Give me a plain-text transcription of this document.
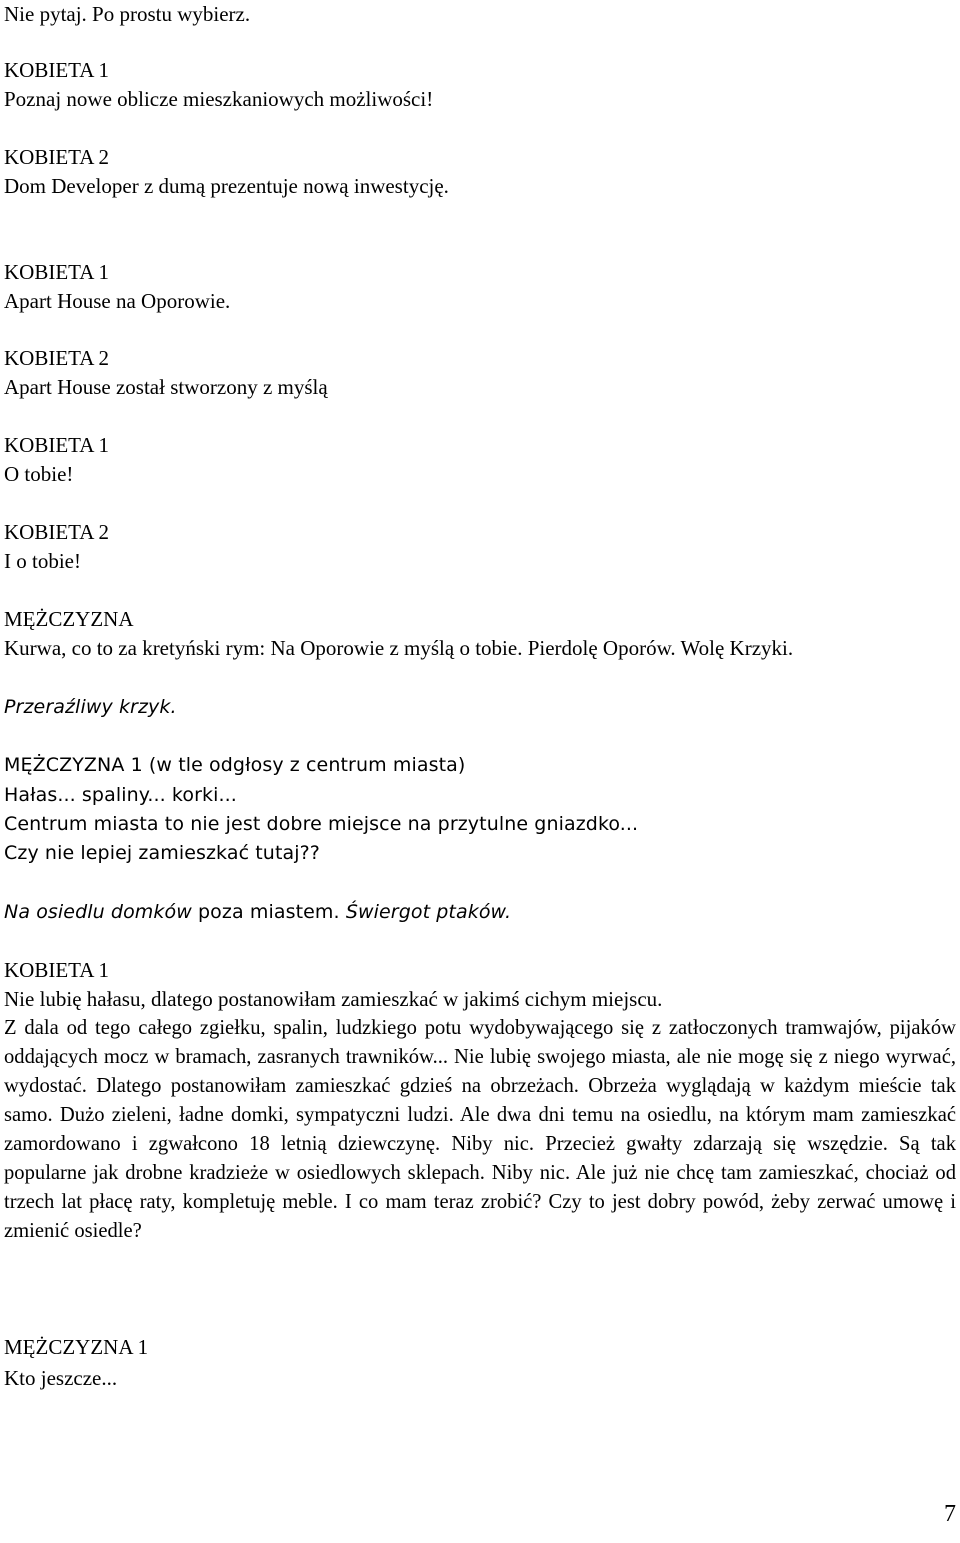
Nie pytaj. Po prostu wybierz.
KOBIETA 1
Poznaj nowe oblicze mieszkaniowych możliwości!
KOBIETA 2
Dom Developer z dumą prezentuje nową inwestycję.
KOBIETA 1
Apart House na Oporowie.
KOBIETA 2
Apart House został stworzony z myślą
KOBIETA 1
O tobie!
KOBIETA 2
I o tobie!
MĘŻCZYZNA
Kurwa, co to za kretyński rym: Na Oporowie z myślą o tobie. Pierdolę Oporów. Wolę Krzyki.
Przeraźliwy krzyk.
MĘŻCZYZNA 1 (w tle odgłosy z centrum miasta)
Hałas... spaliny... korki...
Centrum miasta to nie jest dobre miejsce na przytulne gniazdko...
Czy nie lepiej zamieszkać tutaj??
Na osiedlu domków poza miastem. Świergot ptaków.
KOBIETA 1
Nie lubię hałasu, dlatego postanowiłam zamieszkać w jakimś cichym miejscu.
Z dala od tego całego zgiełku, spalin, ludzkiego potu wydobywającego się z zatłoczonych tramwajów, pijaków oddających mocz w bramach, zasranych trawników... Nie lubię swojego miasta, ale nie mogę się z niego wyrwać, wydostać. Dlatego postanowiłam zamieszkać gdzieś na obrzeżach. Obrzeża wyglądają w każdym mieście tak samo. Dużo zieleni, ładne domki, sympatyczni ludzi. Ale dwa dni temu na osiedlu, na którym mam zamieszkać zamordowano i zgwałcono 18 letnią dziewczynę. Niby nic. Przecież gwałty zdarzają się wszędzie. Są tak popularne jak drobne kradzieże w osiedlowych sklepach. Niby nic. Ale już nie chcę tam zamieszkać, chociaż od trzech lat płacę raty, kompletuję meble. I co mam teraz zrobić? Czy to jest dobry powód, żeby zerwać umowę i zmienić osiedle?
MĘŻCZYZNA 1
Kto jeszcze...
7
